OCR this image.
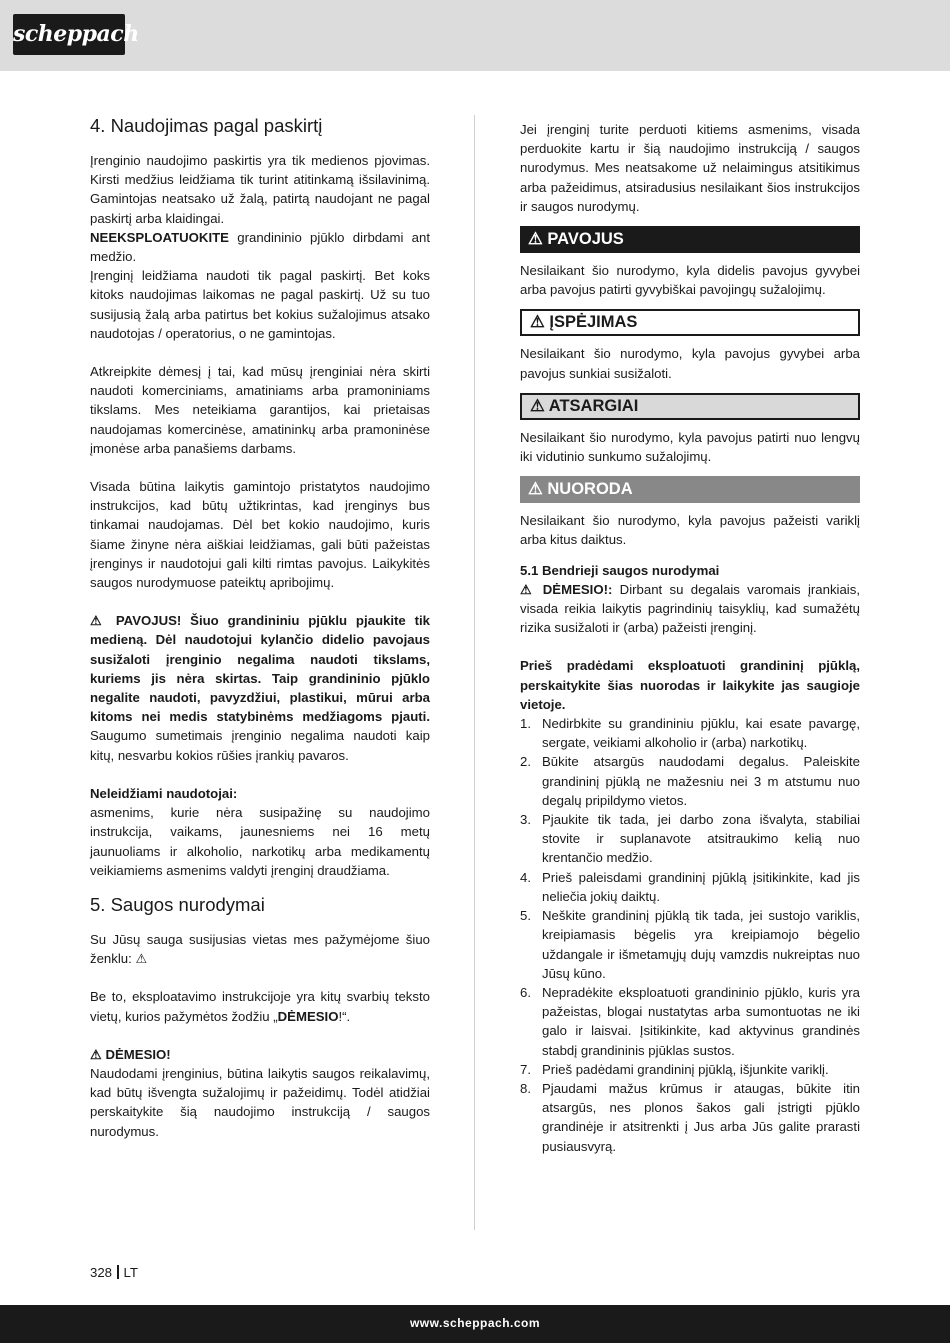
scheppach
4. Naudojimas pagal paskirtį

Įrenginio naudojimo paskirtis yra tik medienos pjovimas. Kirsti medžius leidžiama tik turint atitinkamą išsilavinimą. Gamintojas neatsako už žalą, patirtą naudojant ne pagal paskirtį arba klaidingai.

NEEKSPLOATUOKITE grandininio pjūklo dirbdami ant medžio.

Įrenginį leidžiama naudoti tik pagal paskirtį. Bet koks kitoks naudojimas laikomas ne pagal paskirtį. Už su tuo susijusią žalą arba patirtus bet kokius sužalojimus atsako naudotojas / operatorius, o ne gamintojas.

Atkreipkite dėmesį į tai, kad mūsų įrenginiai nėra skirti naudoti komerciniams, amatiniams arba pramoniniams tikslams. Mes neteikiama garantijos, kai prietaisas naudojamas komercinėse, amatininkų arba pramoninėse įmonėse arba panašiems darbams.

Visada būtina laikytis gamintojo pristatytos naudojimo instrukcijos, kad būtų užtikrintas, kad įrenginys bus tinkamai naudojamas. Dėl bet kokio naudojimo, kuris šiame žinyne nėra aiškiai leidžiamas, gali būti pažeistas įrenginys ir naudotojui gali kilti rimtas pavojus. Laikykitės saugos nurodymuose pateiktų apribojimų.

⚠ PAVOJUS! Šiuo grandininiu pjūklu pjaukite tik medieną. Dėl naudotojui kylančio didelio pavojaus susižaloti įrenginio negalima naudoti tikslams, kuriems jis nėra skirtas. Taip grandininio pjūklo negalite naudoti, pavyzdžiui, plastikui, mūrui arba kitoms nei medis statybinėms medžiagoms pjauti. Saugumo sumetimais įrenginio negalima naudoti kaip kitų, nesvarbu kokios rūšies įrankių pavaros.

Neleidžiami naudotojai:

asmenims, kurie nėra susipažinę su naudojimo instrukcija, vaikams, jaunesniems nei 16 metų jaunuoliams ir alkoholio, narkotikų arba medikamentų veikiamiems asmenims valdyti įrenginį draudžiama.

5. Saugos nurodymai

Su Jūsų sauga susijusias vietas mes pažymėjome šiuo ženklu: ⚠

Be to, eksploatavimo instrukcijoje yra kitų svarbių teksto vietų, kurios pažymėtos žodžiu „DĖMESIO!“.

⚠ DĖMESIO!

Naudodami įrenginius, būtina laikytis saugos reikalavimų, kad būtų išvengta sužalojimų ir pažeidimų. Todėl atidžiai perskaitykite šią naudojimo instrukciją / saugos nurodymus.

Jei įrenginį turite perduoti kitiems asmenims, visada perduokite kartu ir šią naudojimo instrukciją / saugos nurodymus. Mes neatsakome už nelaimingus atsitikimus arba pažeidimus, atsiradusius nesilaikant šios instrukcijos ir saugos nurodymų.

⚠ PAVOJUS

Nesilaikant šio nurodymo, kyla didelis pavojus gyvybei arba pavojus patirti gyvybiškai pavojingų sužalojimų.

⚠ ĮSPĖJIMAS

Nesilaikant šio nurodymo, kyla pavojus gyvybei arba pavojus sunkiai susižaloti.

⚠ ATSARGIAI

Nesilaikant šio nurodymo, kyla pavojus patirti nuo lengvų iki vidutinio sunkumo sužalojimų.

⚠ NUORODA

Nesilaikant šio nurodymo, kyla pavojus pažeisti variklį arba kitus daiktus.

5.1 Bendrieji saugos nurodymai

⚠ DĖMESIO!: Dirbant su degalais varomais įrankiais, visada reikia laikytis pagrindinių taisyklių, kad sumažėtų rizika susižaloti ir (arba) pažeisti įrenginį.

Prieš pradėdami eksploatuoti grandininį pjūklą, perskaitykite šias nuorodas ir laikykite jas saugioje vietoje.

1. Nedirbkite su grandininiu pjūklu, kai esate pavargę, sergate, veikiami alkoholio ir (arba) narkotikų.
2. Būkite atsargūs naudodami degalus. Paleiskite grandininį pjūklą ne mažesniu nei 3 m atstumu nuo degalų pripildymo vietos.
3. Pjaukite tik tada, jei darbo zona išvalyta, stabiliai stovite ir suplanavote atsitraukimo kelią nuo krentančio medžio.
4. Prieš paleisdami grandininį pjūklą įsitikinkite, kad jis neliečia jokių daiktų.
5. Neškite grandininį pjūklą tik tada, jei sustojo variklis, kreipiamasis bėgelis yra kreipiamojo bėgelio uždangale ir išmetamųjų dujų vamzdis nukreiptas nuo Jūsų kūno.
6. Nepradėkite eksploatuoti grandininio pjūklo, kuris yra pažeistas, blogai nustatytas arba sumontuotas ne iki galo ir laisvai. Įsitikinkite, kad aktyvinus grandinės stabdį grandininis pjūklas sustos.
7. Prieš padėdami grandininį pjūklą, išjunkite variklį.
8. Pjaudami mažus krūmus ir ataugas, būkite itin atsargūs, nes plonos šakos gali įstrigti pjūklo grandinėje ir atsitrenkti į Jus arba Jūs galite prarasti pusiausvyrą.
328 LT
www.scheppach.com
